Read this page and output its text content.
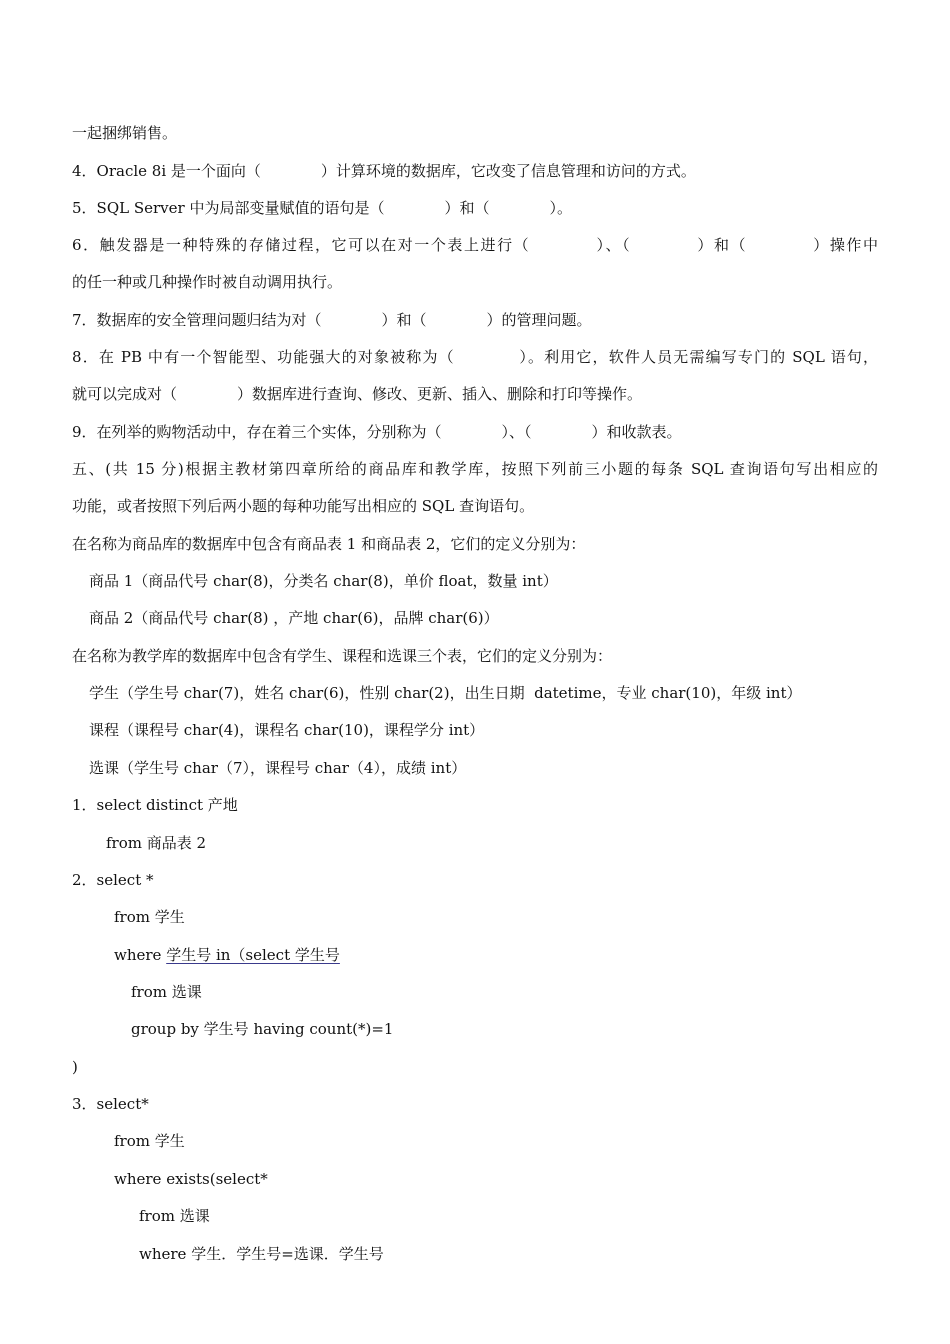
一起捆绑销售。
4．Oracle 8i 是一个面向（　　　　）计算环境的数据库，它改变了信息管理和访问的方式。
5．SQL Server 中为局部变量赋值的语句是（　　　　）和（　　　　）。
6．触发器是一种特殊的存储过程，它可以在对一个表上进行（　　　　）、（　　　　）和（　　　　）操作中
的任一种或几种操作时被自动调用执行。
7．数据库的安全管理问题归结为对（　　　　）和（　　　　）的管理问题。
8．在 PB 中有一个智能型、功能强大的对象被称为（　　　　）。利用它，软件人员无需编写专门的 SQL 语句，
就可以完成对（　　　　）数据库进行查询、修改、更新、插入、删除和打印等操作。
9．在列举的购物活动中，存在着三个实体，分别称为（　　　　）、（　　　　）和收款表。
五、(共 15 分)根据主教材第四章所给的商品库和教学库，按照下列前三小题的每条 SQL 查询语句写出相应的
功能，或者按照下列后两小题的每种功能写出相应的 SQL 查询语句。
在名称为商品库的数据库中包含有商品表 1 和商品表 2，它们的定义分别为：
商品 1（商品代号 char(8)，分类名 char(8)，单价 float，数量 int）
商品 2（商品代号 char(8) ，产地 char(6)，品牌 char(6)）
在名称为教学库的数据库中包含有学生、课程和选课三个表，它们的定义分别为：
学生（学生号 char(7)，姓名 char(6)，性别 char(2)，出生日期  datetime，专业 char(10)，年级 int）
课程（课程号 char(4)，课程名 char(10)，课程学分 int）
选课（学生号 char（7），课程号 char（4），成绩 int）
1．select distinct 产地
from 商品表 2
2．select *
from 学生
where 学生号 in（select 学生号
from 选课
group by 学生号 having count(*)=1
)
3．select*
from 学生
where exists(select*
from 选课
where 学生．学生号=选课．学生号
